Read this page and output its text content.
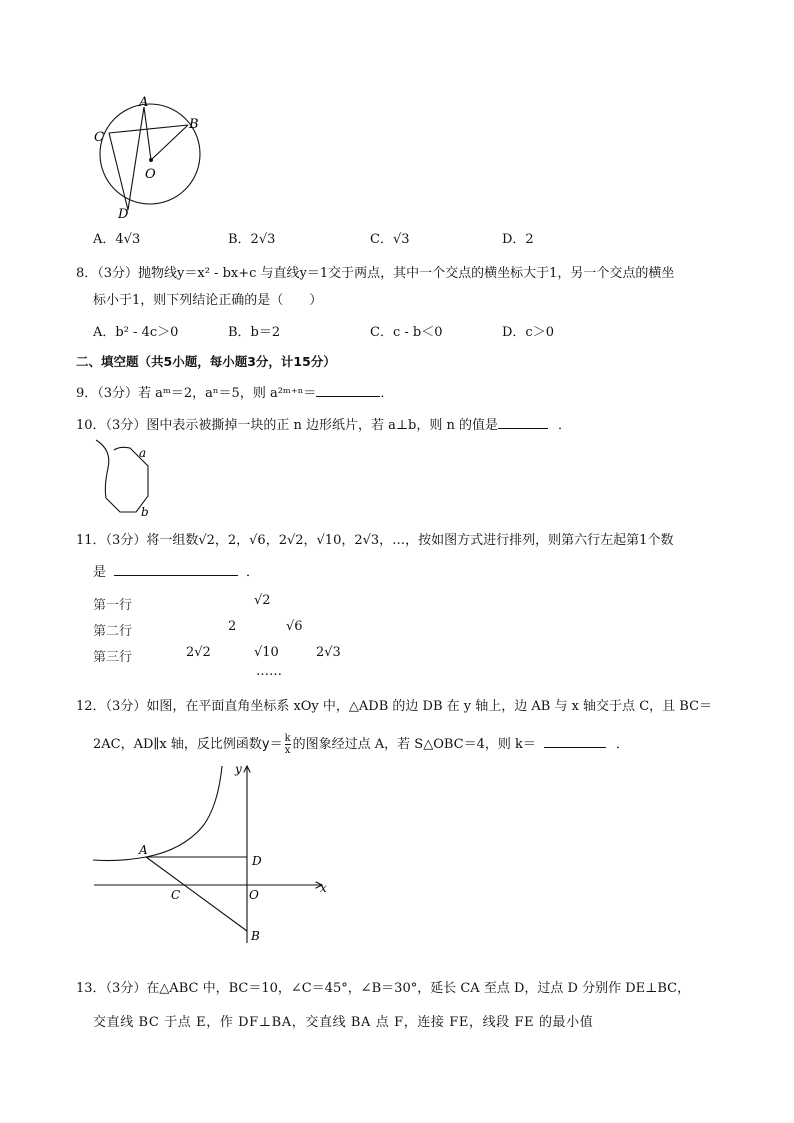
A
B
C
O
D
A．4√3	B．2√3	C．√3	D．2
8．（3分）抛物线y＝x² - bx+c 与直线y＝1交于两点，其中一个交点的横坐标大于1，另一个交点的横坐
标小于1，则下列结论正确的是（　　）
A．b² - 4c＞0	B．b＝2	C．c - b＜0	D．c＞0
二、填空题（共5小题，每小题3分，计15分）
9．（3分）若 aᵐ＝2，aⁿ＝5，则 a²ᵐ⁺ⁿ＝	．
10．（3分）图中表示被撕掉一块的正 n 边形纸片，若 a⊥b，则 n 的值是	．
a
b
11．（3分）将一组数√2，2，√6，2√2，√10，2√3，…，按如图方式进行排列，则第六行左起第1个数
是	．
第一行	√2
第二行	2	√6
第三行	2√2	√10	2√3
……
12．（3分）如图，在平面直角坐标系 xOy 中，△ADB 的边 DB 在 y 轴上，边 AB 与 x 轴交于点 C，且 BC＝
2AC，AD∥x 轴，反比例函数$y= \frac{k}{x}$ 的图象经过点 A，若 S△OBC＝4，则 k＝	．
y
x
A
D
C	O
B
13．（3分）在△ABC 中，BC＝10，∠C＝45°，∠B＝30°，延长 CA 至点 D，过点 D 分别作 DE⊥BC，
交直线 BC 于点 E，作 DF⊥BA，交直线 BA 点 F，连接 FE，线段 FE 的最小值
